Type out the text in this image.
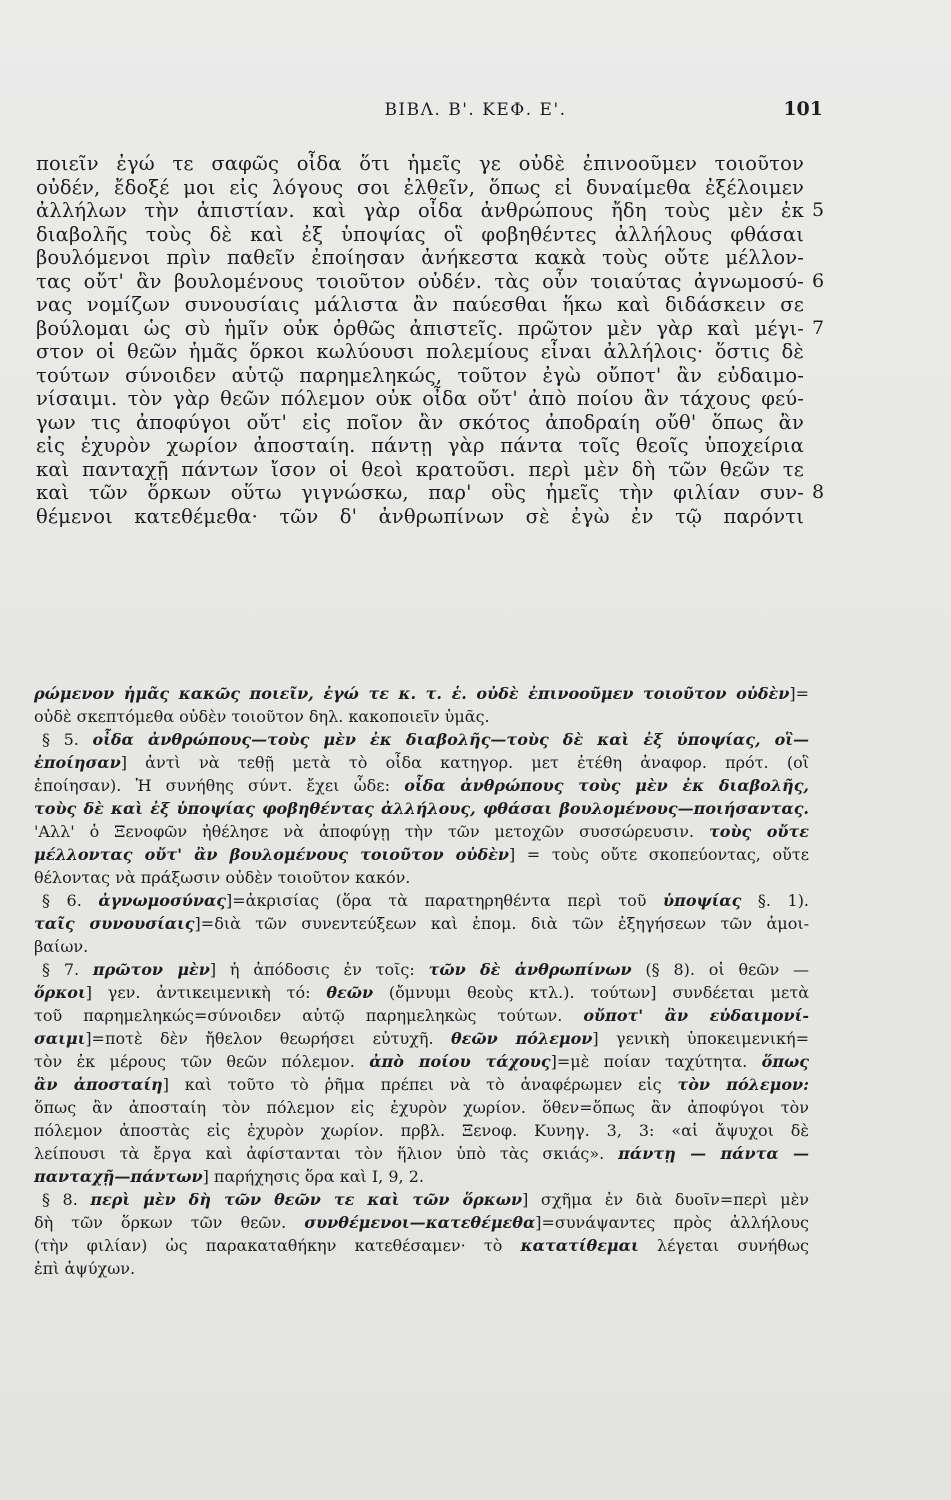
ΒΙΒΛ. Β'. ΚΕΦ. Ε'.	101
ποιεῖν ἐγώ τε σαφῶς οἶδα ὅτι ἡμεῖς γε οὐδὲ ἐπινοοῦμεν τοιοῦτον
οὐδέν, ἔδοξέ μοι εἰς λόγους σοι ἐλθεῖν, ὅπως εἰ δυναίμεθα ἐξέλοιμεν
ἀλλήλων τὴν ἀπιστίαν. καὶ γὰρ οἶδα ἀνθρώπους ἤδη τοὺς μὲν ἐκ 5
διαβολῆς τοὺς δὲ καὶ ἐξ ὑποψίας οἳ φοβηθέντες ἀλλήλους φθάσαι
βουλόμενοι πρὶν παθεῖν ἐποίησαν ἀνήκεστα κακὰ τοὺς οὔτε μέλλον-
τας οὔτ' ἂν βουλομένους τοιοῦτον οὐδέν. τὰς οὖν τοιαύτας ἀγνωμοσύ- 6
νας νομίζων συνουσίαις μάλιστα ἂν παύεσθαι ἥκω καὶ διδάσκειν σε
βούλομαι ὡς σὺ ἡμῖν οὐκ ὀρθῶς ἀπιστεῖς. πρῶτον μὲν γὰρ καὶ μέγι- 7
στον οἱ θεῶν ἡμᾶς ὅρκοι κωλύουσι πολεμίους εἶναι ἀλλήλοις· ὅστις δὲ
τούτων σύνοιδεν αὑτῷ παρημεληκώς, τοῦτον ἐγὼ οὔποτ' ἂν εὐδαιμο-
νίσαιμι. τὸν γὰρ θεῶν πόλεμον οὐκ οἶδα οὔτ' ἀπὸ ποίου ἂν τάχους φεύ-
γων τις ἀποφύγοι οὔτ' εἰς ποῖον ἂν σκότος ἀποδραίη οὔθ' ὅπως ἂν
εἰς ἐχυρὸν χωρίον ἀποσταίη. πάντῃ γὰρ πάντα τοῖς θεοῖς ὑποχείρια
καὶ πανταχῇ πάντων ἴσον οἱ θεοὶ κρατοῦσι. περὶ μὲν δὴ τῶν θεῶν τε
καὶ τῶν ὅρκων οὕτω γιγνώσκω, παρ' οὓς ἡμεῖς τὴν φιλίαν συν- 8
θέμενοι κατεθέμεθα· τῶν δ' ἀνθρωπίνων σὲ ἐγὼ ἐν τῷ παρόντι
ρώμενον ἡμᾶς κακῶς ποιεῖν, ἐγώ τε κ. τ. ἑ. οὐδὲ ἐπινοοῦμεν τοιοῦτον οὐδὲν]=
οὐδὲ σκεπτόμεθα οὐδὲν τοιοῦτον δηλ. κακοποιεῖν ὑμᾶς.
§ 5. οἶδα ἀνθρώπους—τοὺς μὲν ἐκ διαβολῆς—τοὺς δὲ καὶ ἐξ ὑποψίας, οἳ—
ἐποίησαν] ἀντὶ νὰ τεθῇ μετὰ τὸ οἶδα κατηγορ. μετ ἐτέθη ἀναφορ. πρότ. (οἳ
ἐποίησαν). Ἡ συνήθης σύντ. ἔχει ὧδε: οἶδα ἀνθρώπους τοὺς μὲν ἐκ διαβολῆς,
τοὺς δὲ καὶ ἐξ ὑποψίας φοβηθέντας ἀλλήλους, φθάσαι βουλομένους—ποιήσαντας.
'Αλλ' ὁ Ξενοφῶν ἠθέλησε νὰ ἀποφύγῃ τὴν τῶν μετοχῶν συσσώρευσιν. τοὺς οὔτε
μέλλοντας οὔτ' ἂν βουλομένους τοιοῦτον οὐδὲν] = τοὺς οὔτε σκοπεύοντας, οὔτε
θέλοντας νὰ πράξωσιν οὐδὲν τοιοῦτον κακόν.
§ 6. ἀγνωμοσύνας]=ἀκρισίας (ὅρα τὰ παρατηρηθέντα περὶ τοῦ ὑποψίας §. 1).
ταῖς συνουσίαις]=διὰ τῶν συνεντεύξεων καὶ ἑπομ. διὰ τῶν ἐξηγήσεων τῶν ἀμοι-
βαίων.
§ 7. πρῶτον μὲν] ἡ ἀπόδοσις ἐν τοῖς: τῶν δὲ ἀνθρωπίνων (§ 8). οἱ θεῶν —
ὅρκοι] γεν. ἀντικειμενικὴ τό: θεῶν (ὄμνυμι θεοὺς κτλ.). τούτων] συνδέεται μετὰ
τοῦ παρημεληκώς=σύνοιδεν αὑτῷ παρημεληκὼς τούτων. οὔποτ' ἂν εὐδαιμονί-
σαιμι]=ποτὲ δὲν ἤθελον θεωρήσει εὐτυχῆ. θεῶν πόλεμον] γενικὴ ὑποκειμενική=
τὸν ἐκ μέρους τῶν θεῶν πόλεμον. ἀπὸ ποίου τάχους]=μὲ ποίαν ταχύτητα. ὅπως
ἂν ἀποσταίη] καὶ τοῦτο τὸ ῥῆμα πρέπει νὰ τὸ ἀναφέρωμεν εἰς τὸν πόλεμον:
ὅπως ἂν ἀποσταίη τὸν πόλεμον εἰς ἐχυρὸν χωρίον. ὅθεν=ὅπως ἂν ἀποφύγοι τὸν
πόλεμον ἀποστὰς εἰς ἐχυρὸν χωρίον. πρβλ. Ξενοφ. Κυνηγ. 3, 3: «αἱ ἄψυχοι δὲ
λείπουσι τὰ ἔργα καὶ ἀφίστανται τὸν ἥλιον ὑπὸ τὰς σκιάς». πάντῃ — πάντα —
πανταχῇ—πάντων] παρήχησις ὅρα καὶ I, 9, 2.
§ 8. περὶ μὲν δὴ τῶν θεῶν τε καὶ τῶν ὅρκων] σχῆμα ἐν διὰ δυοῖν=περὶ μὲν
δὴ τῶν ὅρκων τῶν θεῶν. συνθέμενοι—κατεθέμεθα]=συνάψαντες πρὸς ἀλλήλους
(τὴν φιλίαν) ὡς παρακαταθήκην κατεθέσαμεν· τὸ κατατίθεμαι λέγεται συνήθως
ἐπὶ ἀψύχων.
